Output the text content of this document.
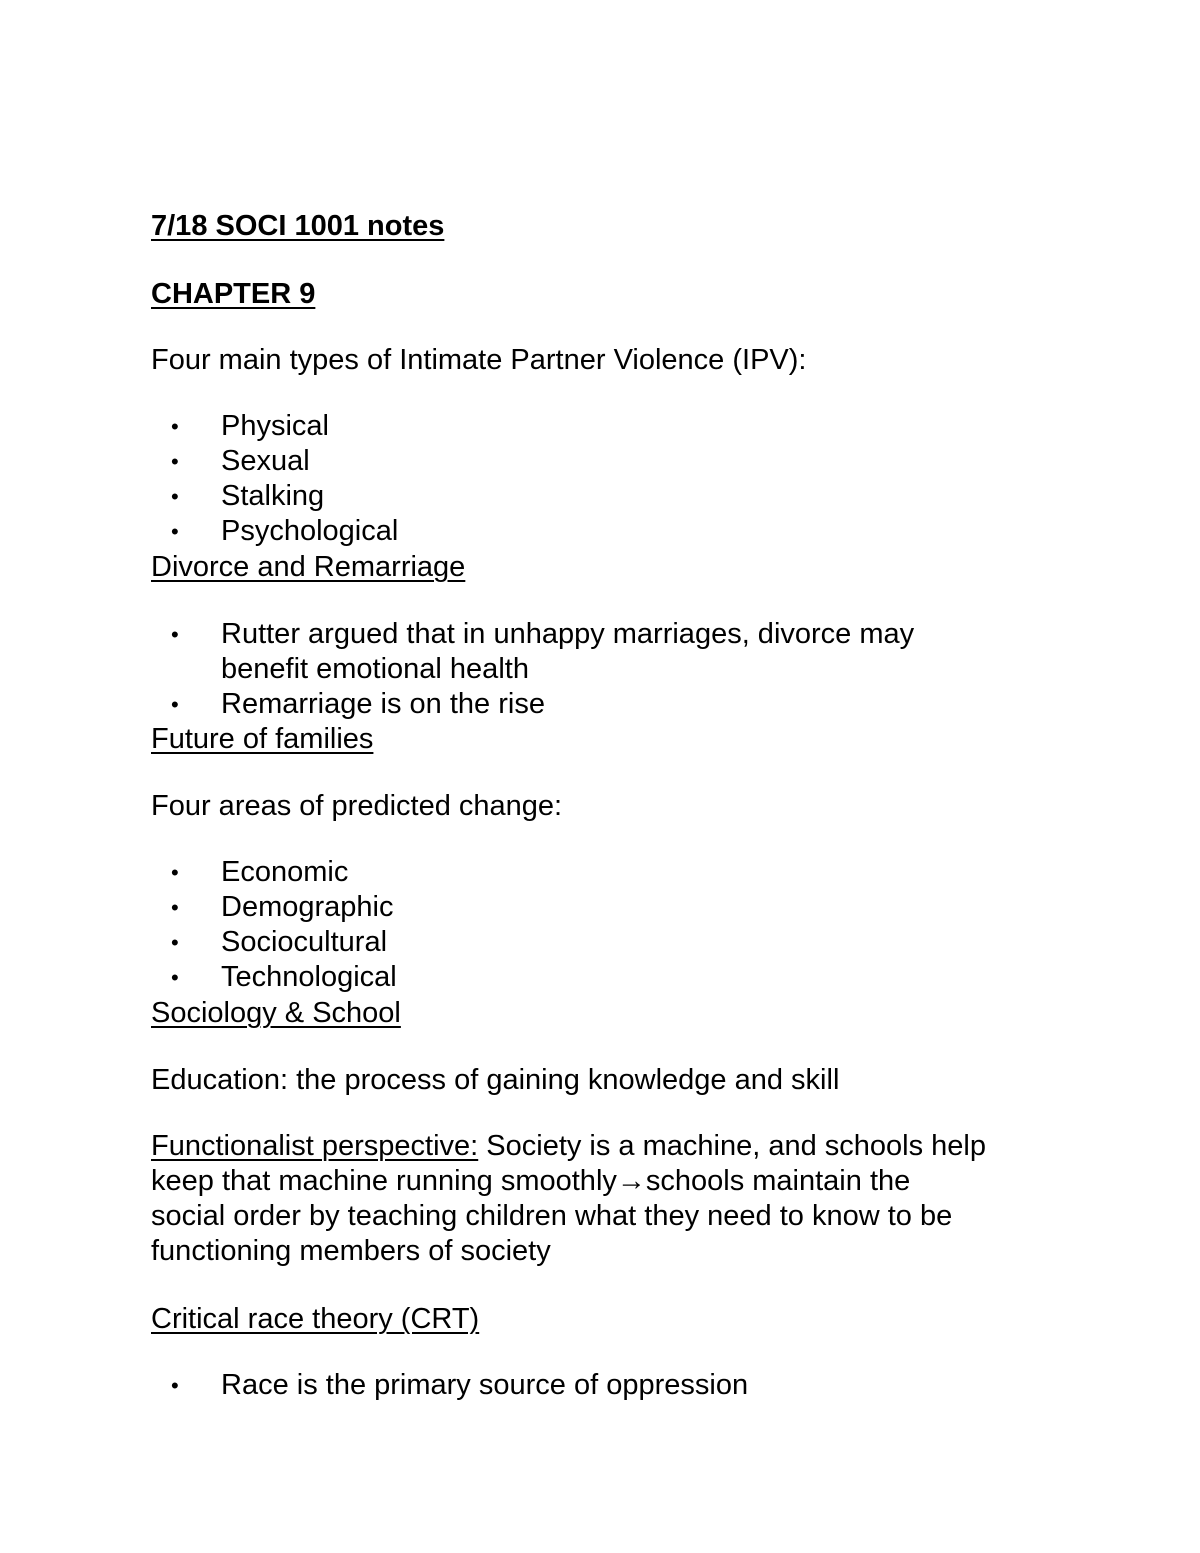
7/18 SOCI 1001 notes
CHAPTER 9
Four main types of Intimate Partner Violence (IPV):
• Physical
• Sexual
• Stalking
• Psychological
Divorce and Remarriage
• Rutter argued that in unhappy marriages, divorce may
benefit emotional health
• Remarriage is on the rise
Future of families
Four areas of predicted change:
• Economic
• Demographic
• Sociocultural
• Technological
Sociology & School
Education: the process of gaining knowledge and skill
Functionalist perspective: Society is a machine, and schools help
keep that machine running smoothly→schools maintain the
social order by teaching children what they need to know to be
functioning members of society
Critical race theory (CRT)
• Race is the primary source of oppression
